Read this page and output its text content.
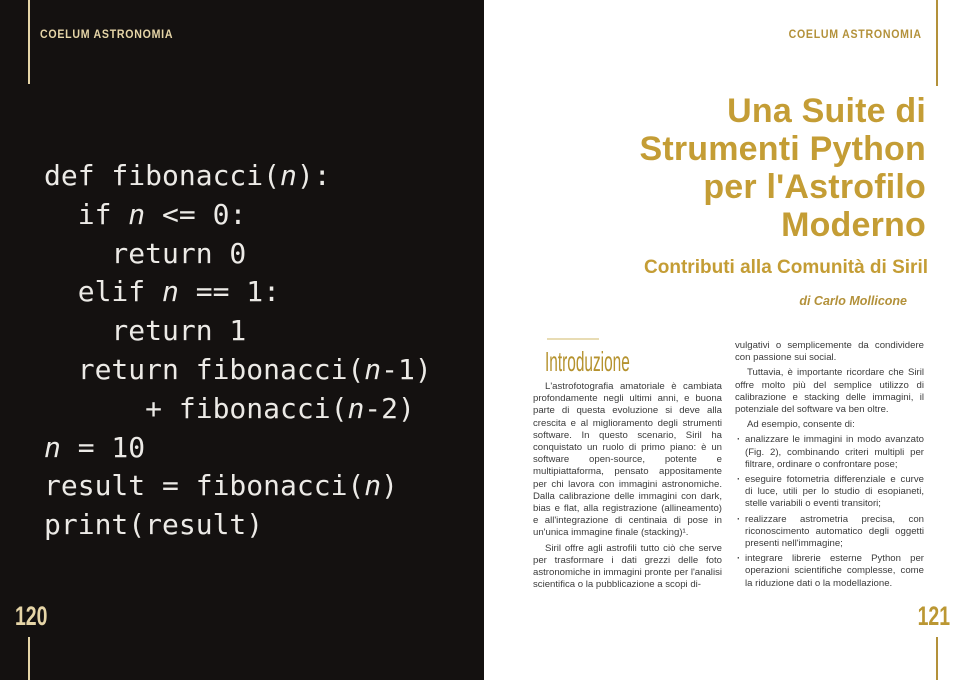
COELUM ASTRONOMIA
def fibonacci(n):
if n <= 0:
return 0
elif n == 1:
return 1
return fibonacci(n-1)
+ fibonacci(n-2)
n = 10
result = fibonacci(n)
print(result)
120
COELUM ASTRONOMIA
Una Suite di
Strumenti Python
per l'Astrofilo
Moderno
Contributi alla Comunità di Siril
di Carlo Mollicone
Introduzione

L'astrofotografia amatoriale è cambiata profondamente negli ultimi anni, e buona parte di questa evoluzione si deve alla crescita e al miglioramento degli strumenti software. In questo scenario, Siril ha conquistato un ruolo di primo piano: è un software open-source, potente e multipiattaforma, pensato appositamente per chi lavora con immagini astronomiche. Dalla calibrazione delle immagini con dark, bias e flat, alla registrazione (allineamento) e all'integrazione di centinaia di pose in un'unica immagine finale (stacking)¹.

Siril offre agli astrofili tutto ciò che serve per trasformare i dati grezzi delle foto astronomiche in immagini pronte per l'analisi scientifica o la pubblicazione a scopi di-

vulgativi o semplicemente da condividere con passione sui social.

Tuttavia, è importante ricordare che Siril offre molto più del semplice utilizzo di calibrazione e stacking delle immagini, il potenziale del software va ben oltre.

Ad esempio, consente di:

· analizzare le immagini in modo avanzato (Fig. 2), combinando criteri multipli per filtrare, ordinare o confrontare pose;
· eseguire fotometria differenziale e curve di luce, utili per lo studio di esopianeti, stelle variabili o eventi transitori;
· realizzare astrometria precisa, con riconoscimento automatico degli oggetti presenti nell'immagine;
· integrare librerie esterne Python per operazioni scientifiche complesse, come la riduzione dati o la modellazione.
121
